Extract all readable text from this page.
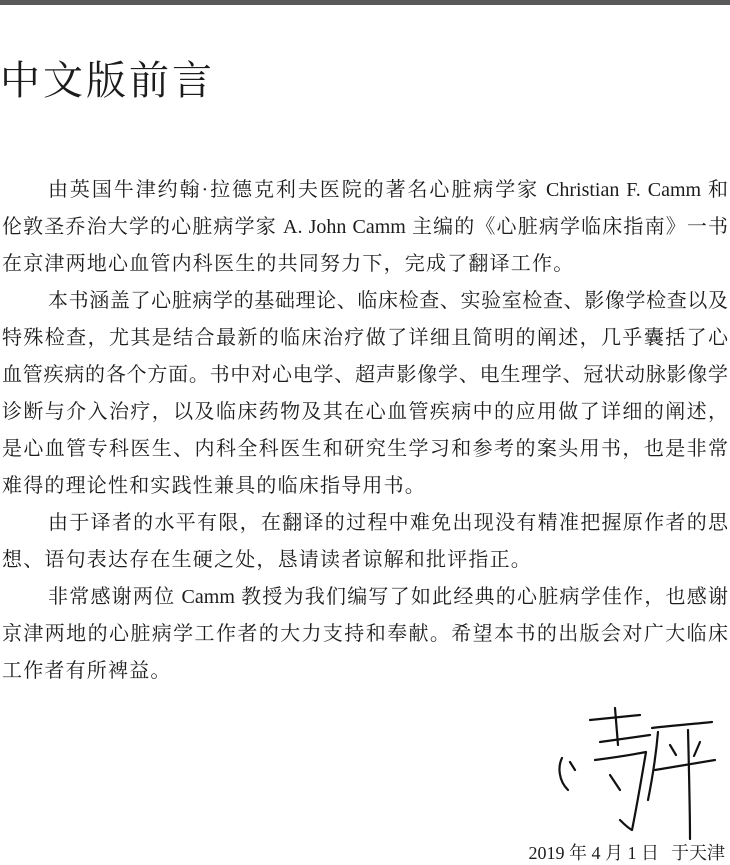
中文版前言
由英国牛津约翰·拉德克利夫医院的著名心脏病学家 Christian F. Camm 和
伦敦圣乔治大学的心脏病学家 A. John Camm 主编的《心脏病学临床指南》一书
在京津两地心血管内科医生的共同努力下，完成了翻译工作。
本书涵盖了心脏病学的基础理论、临床检查、实验室检查、影像学检查以及
特殊检查，尤其是结合最新的临床治疗做了详细且简明的阐述，几乎囊括了心
血管疾病的各个方面。书中对心电学、超声影像学、电生理学、冠状动脉影像学
诊断与介入治疗，以及临床药物及其在心血管疾病中的应用做了详细的阐述，
是心血管专科医生、内科全科医生和研究生学习和参考的案头用书，也是非常
难得的理论性和实践性兼具的临床指导用书。
由于译者的水平有限，在翻译的过程中难免出现没有精准把握原作者的思
想、语句表达存在生硬之处，恳请读者谅解和批评指正。
非常感谢两位 Camm 教授为我们编写了如此经典的心脏病学佳作，也感谢
京津两地的心脏病学工作者的大力支持和奉献。希望本书的出版会对广大临床
工作者有所裨益。
2019 年 4 月 1 日 于天津
